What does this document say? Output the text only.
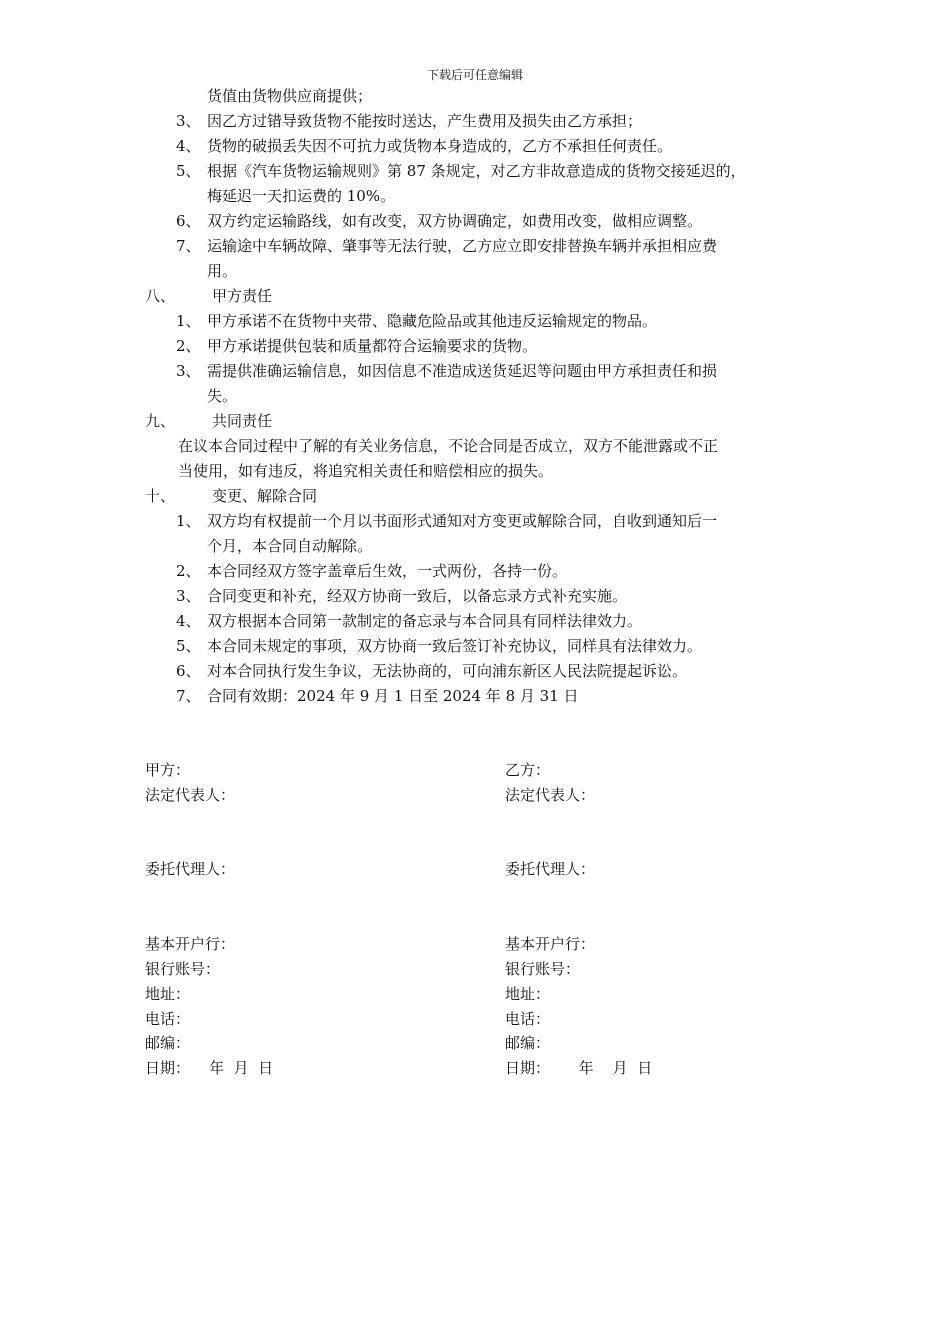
下载后可任意编辑
货值由货物供应商提供；
3、 因乙方过错导致货物不能按时送达，产生费用及损失由乙方承担；
4、 货物的破损丢失因不可抗力或货物本身造成的，乙方不承担任何责任。
5、 根据《汽车货物运输规则》第 87 条规定，对乙方非故意造成的货物交接延迟的，
梅延迟一天扣运费的 10%。
6、 双方约定运输路线，如有改变，双方协调确定，如费用改变，做相应调整。
7、 运输途中车辆故障、肇事等无法行驶，乙方应立即安排替换车辆并承担相应费
用。
八、 甲方责任
1、 甲方承诺不在货物中夹带、隐藏危险品或其他违反运输规定的物品。
2、 甲方承诺提供包装和质量都符合运输要求的货物。
3、 需提供准确运输信息，如因信息不准造成送货延迟等问题由甲方承担责任和损
失。
九、 共同责任
在议本合同过程中了解的有关业务信息，不论合同是否成立，双方不能泄露或不正
当使用，如有违反，将追究相关责任和赔偿相应的损失。
十、 变更、解除合同
1、 双方均有权提前一个月以书面形式通知对方变更或解除合同，自收到通知后一
个月，本合同自动解除。
2、 本合同经双方签字盖章后生效，一式两份，各持一份。
3、 合同变更和补充，经双方协商一致后，以备忘录方式补充实施。
4、 双方根据本合同第一款制定的备忘录与本合同具有同样法律效力。
5、 本合同未规定的事项，双方协商一致后签订补充协议，同样具有法律效力。
6、 对本合同执行发生争议，无法协商的，可向浦东新区人民法院提起诉讼。
7、 合同有效期：2024 年 9 月 1 日至 2024 年 8 月 31 日
甲方：
法定代表人：
委托代理人：
基本开户行：
银行账号：
地址：
电话：
邮编：
日期：    年  月  日
乙方：
法定代表人：
委托代理人：
基本开户行：
银行账号：
地址：
电话：
邮编：
日期：      年    月  日
